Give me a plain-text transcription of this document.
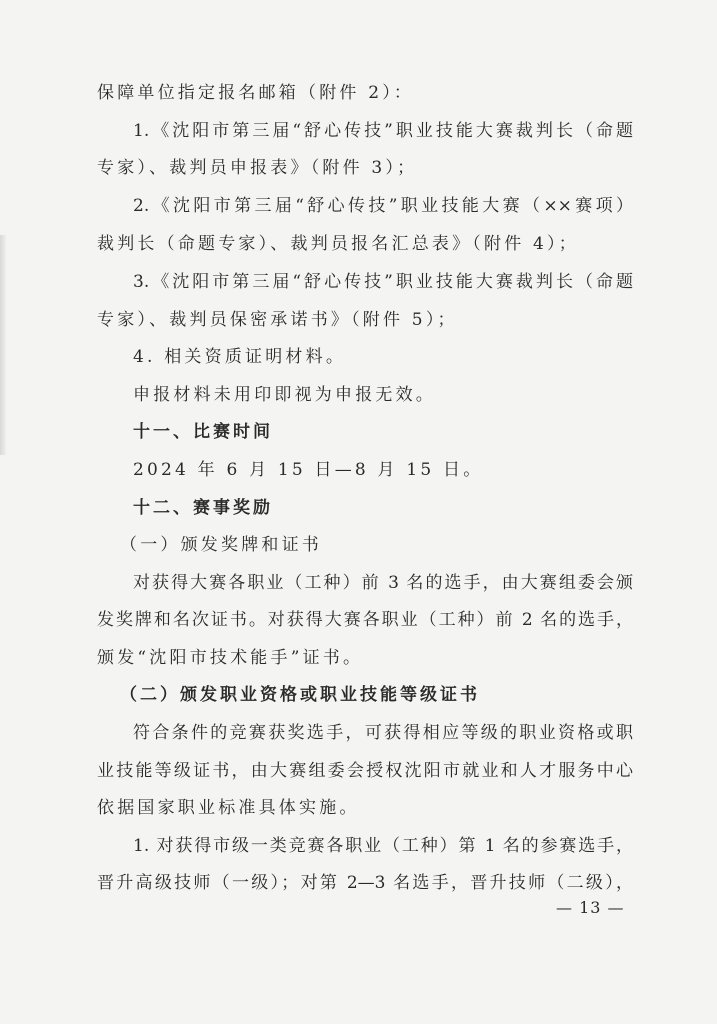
保障单位指定报名邮箱（附件 2）：
1.《沈阳市第三届“舒心传技”职业技能大赛裁判长（命题
专家）、裁判员申报表》（附件 3）；
2.《沈阳市第三届“舒心传技”职业技能大赛（××赛项）
裁判长（命题专家）、裁判员报名汇总表》（附件 4）；
3.《沈阳市第三届“舒心传技”职业技能大赛裁判长（命题
专家）、裁判员保密承诺书》（附件 5）；
4. 相关资质证明材料。
申报材料未用印即视为申报无效。
十一、比赛时间
2024 年 6 月 15 日—8 月 15 日。
十二、赛事奖励
（一）颁发奖牌和证书
对获得大赛各职业（工种）前 3 名的选手，由大赛组委会颁
发奖牌和名次证书。对获得大赛各职业（工种）前 2 名的选手，
颁发“沈阳市技术能手”证书。
（二）颁发职业资格或职业技能等级证书
符合条件的竞赛获奖选手，可获得相应等级的职业资格或职
业技能等级证书，由大赛组委会授权沈阳市就业和人才服务中心
依据国家职业标准具体实施。
1. 对获得市级一类竞赛各职业（工种）第 1 名的参赛选手，
晋升高级技师（一级）；对第 2—3 名选手，晋升技师（二级），
— 13 —
